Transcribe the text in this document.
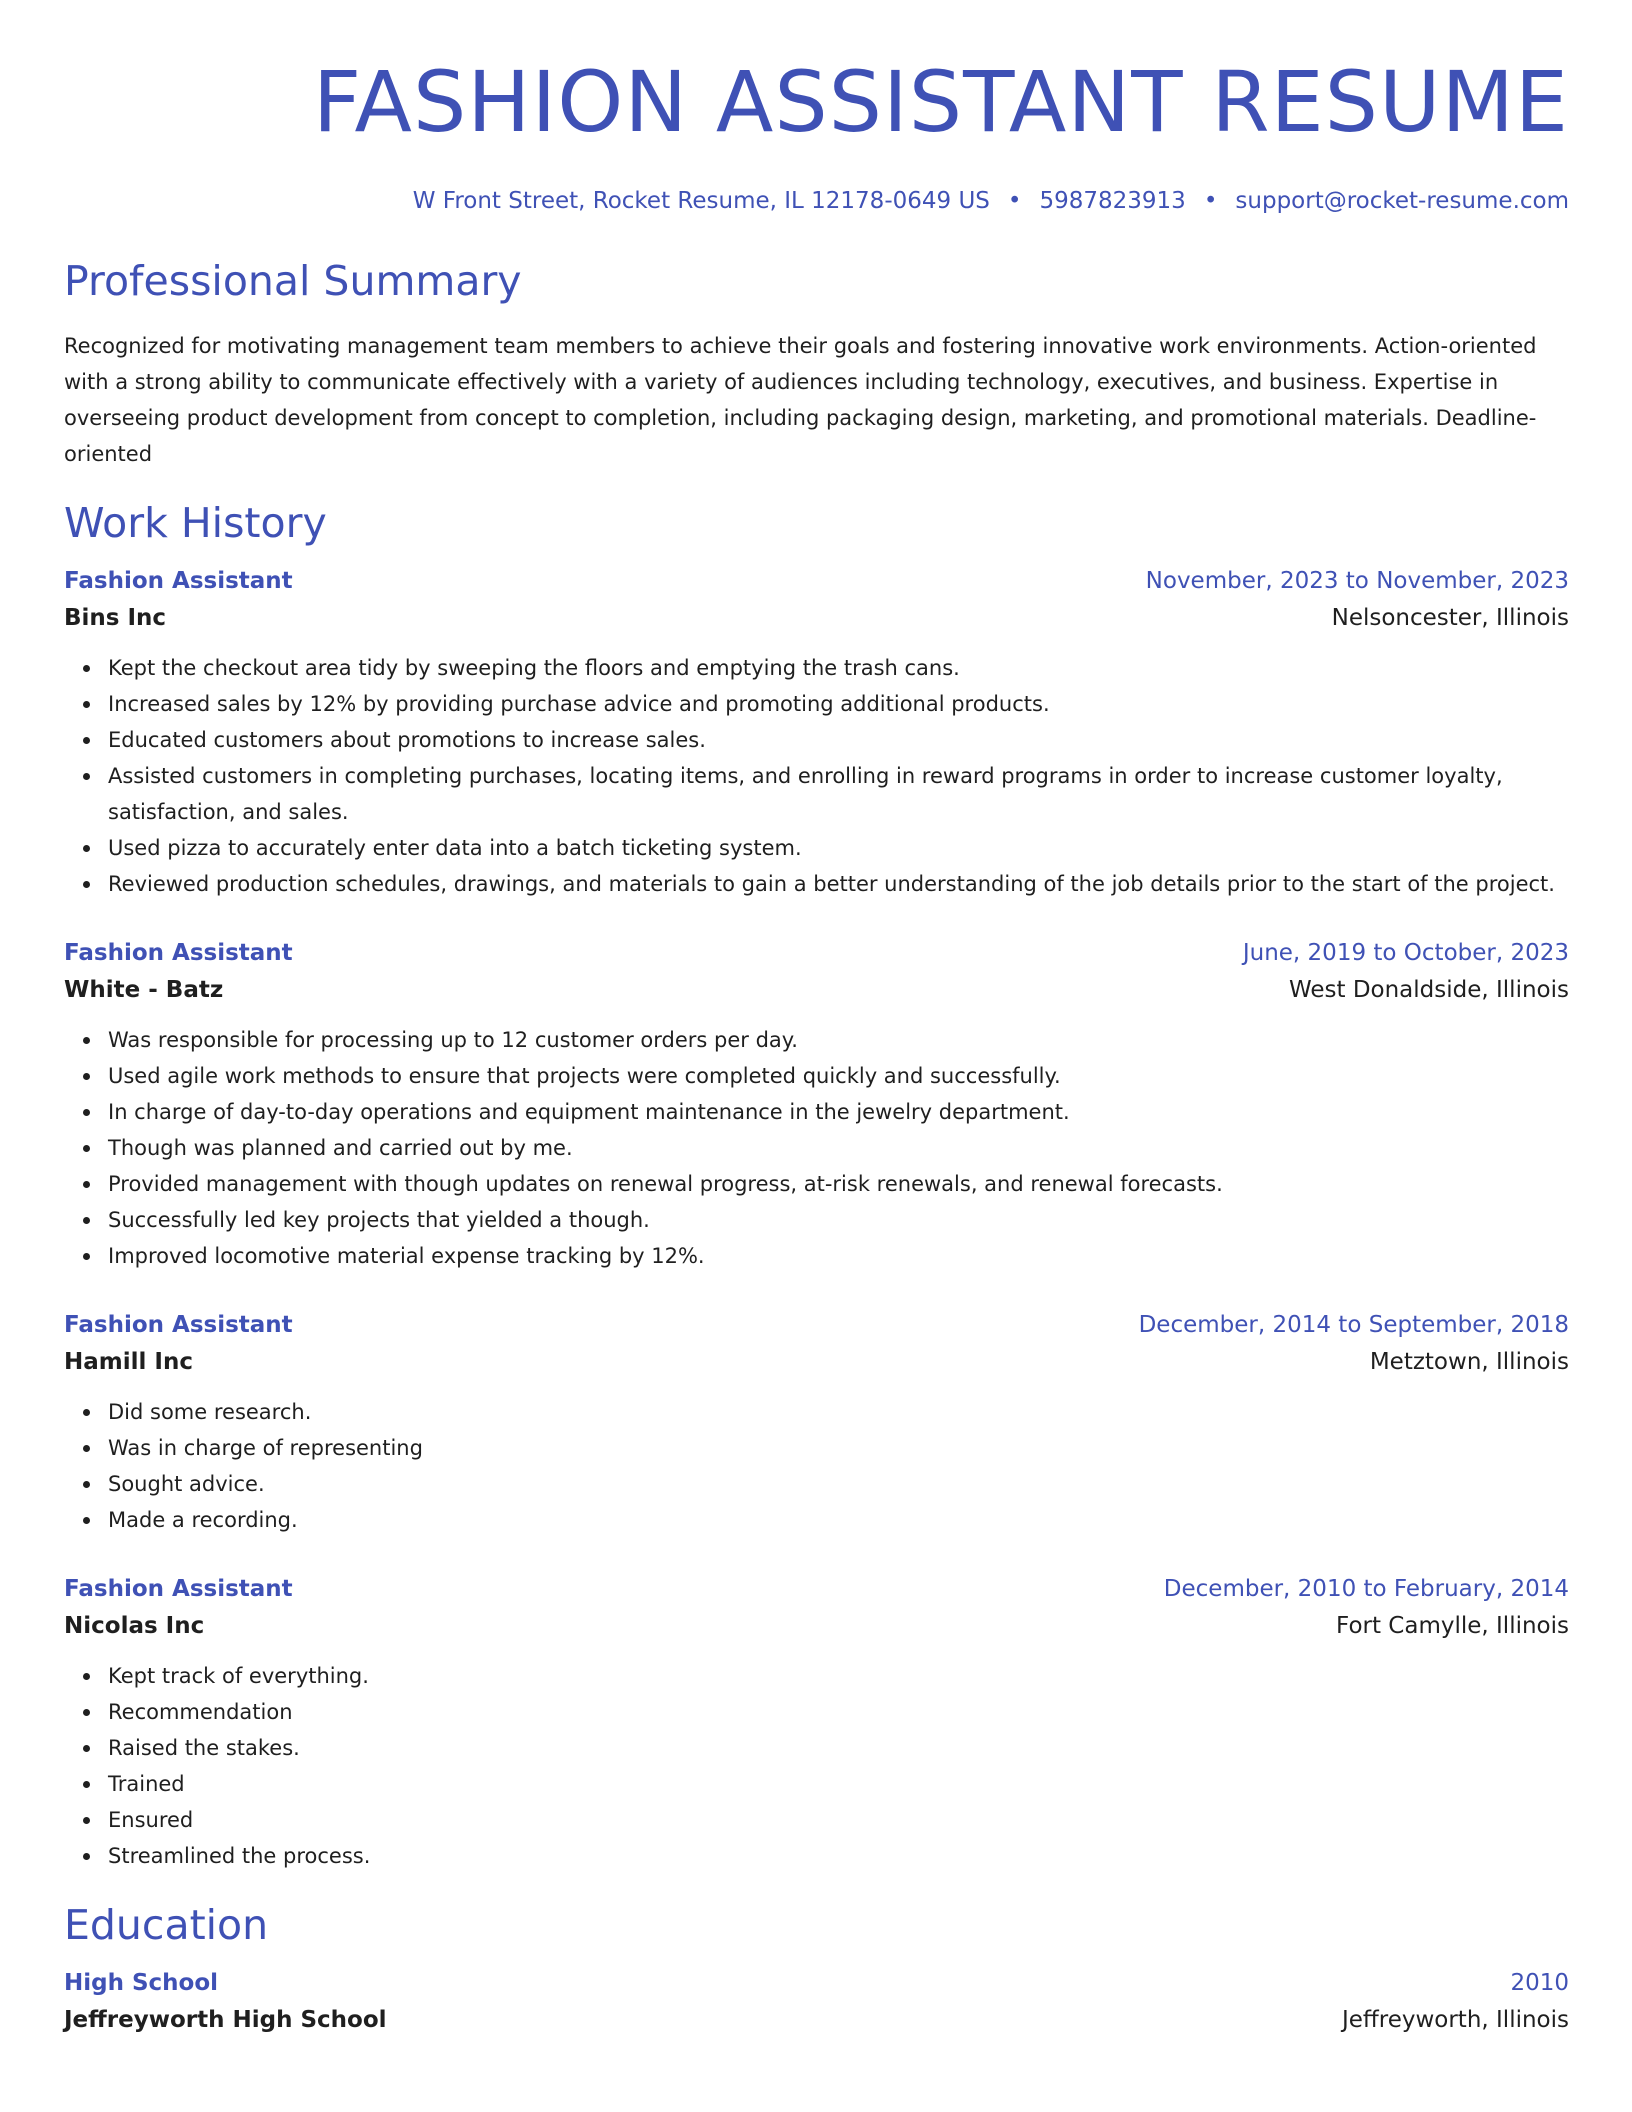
FASHION ASSISTANT RESUME
W Front Street, Rocket Resume, IL 12178-0649 US • 5987823913 • support@rocket-resume.com
Professional Summary

Recognized for motivating management team members to achieve their goals and fostering innovative work environments. Action-oriented with a strong ability to communicate effectively with a variety of audiences including technology, executives, and business. Expertise in overseeing product development from concept to completion, including packaging design, marketing, and promotional materials. Deadline-oriented

Work History
Fashion Assistant	November, 2023 to November, 2023
Bins Inc	Nelsoncester, Illinois
Kept the checkout area tidy by sweeping the floors and emptying the trash cans.
Increased sales by 12% by providing purchase advice and promoting additional products.
Educated customers about promotions to increase sales.
Assisted customers in completing purchases, locating items, and enrolling in reward programs in order to increase customer loyalty, satisfaction, and sales.
Used pizza to accurately enter data into a batch ticketing system.
Reviewed production schedules, drawings, and materials to gain a better understanding of the job details prior to the start of the project.
Fashion Assistant	June, 2019 to October, 2023
White - Batz	West Donaldside, Illinois
Was responsible for processing up to 12 customer orders per day.
Used agile work methods to ensure that projects were completed quickly and successfully.
In charge of day-to-day operations and equipment maintenance in the jewelry department.
Though was planned and carried out by me.
Provided management with though updates on renewal progress, at-risk renewals, and renewal forecasts.
Successfully led key projects that yielded a though.
Improved locomotive material expense tracking by 12%.
Fashion Assistant	December, 2014 to September, 2018
Hamill Inc	Metztown, Illinois
Did some research.
Was in charge of representing
Sought advice.
Made a recording.
Fashion Assistant	December, 2010 to February, 2014
Nicolas Inc	Fort Camylle, Illinois
Kept track of everything.
Recommendation
Raised the stakes.
Trained
Ensured
Streamlined the process.
Education
High School	2010
Jeffreyworth High School	Jeffreyworth, Illinois
